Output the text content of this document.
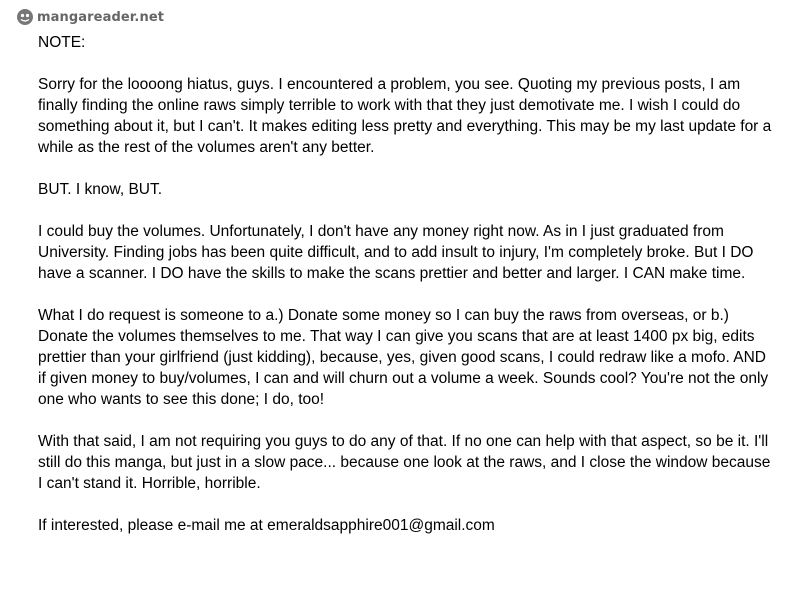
mangareader.net
NOTE:

Sorry for the loooong hiatus, guys. I encountered a problem, you see. Quoting my previous posts, I am finally finding the online raws simply terrible to work with that they just demotivate me. I wish I could do something about it, but I can't. It makes editing less pretty and everything. This may be my last update for a while as the rest of the volumes aren't any better.

BUT. I know, BUT.

I could buy the volumes. Unfortunately, I don't have any money right now. As in I just graduated from University. Finding jobs has been quite difficult, and to add insult to injury, I'm completely broke. But I DO have a scanner. I DO have the skills to make the scans prettier and better and larger. I CAN make time.

What I do request is someone to a.) Donate some money so I can buy the raws from overseas, or b.) Donate the volumes themselves to me. That way I can give you scans that are at least 1400 px big, edits prettier than your girlfriend (just kidding), because, yes, given good scans, I could redraw like a mofo. AND if given money to buy/volumes, I can and will churn out a volume a week. Sounds cool? You're not the only one who wants to see this done; I do, too!

With that said, I am not requiring you guys to do any of that. If no one can help with that aspect, so be it. I'll still do this manga, but just in a slow pace... because one look at the raws, and I close the window because I can't stand it. Horrible, horrible.

If interested, please e-mail me at emeraldsapphire001@gmail.com
